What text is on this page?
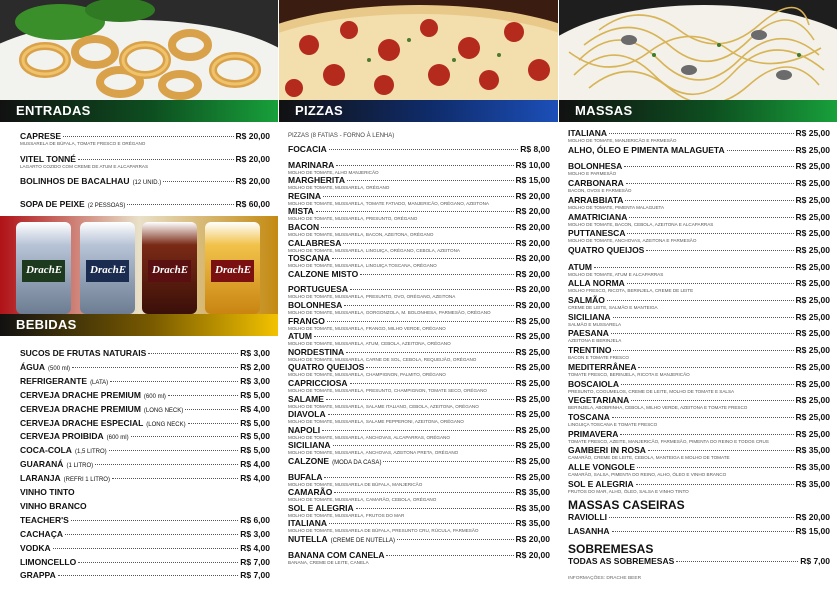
ENTRADAS
CAPRESE	R$ 20,00
MUSSARELA DE BÚFALA, TOMATE FRESCO E ORÉGANO
VITEL TONNÉ	R$ 20,00
LAGARTO COZIDO COM CREME DE ATUM E ALCAPARRAS
BOLINHOS DE BACALHAU (12 UNID.)	R$ 20,00
SOPA DE PEIXE (2 PESSOAS)	R$ 60,00
DrachE	DrachE DrachE DrachE
BEBIDAS
SUCOS DE FRUTAS NATURAIS	R$ 3,00
ÁGUA (500 ml)	R$ 2,00
REFRIGERANTE (LATA)	R$ 3,00
CERVEJA DRACHE PREMIUM (600 ml)	R$ 5,00
CERVEJA DRACHE PREMIUM (LONG NECK)	R$ 4,00
CERVEJA DRACHE ESPECIAL (LONG NECK)	R$ 5,00
CERVEJA PROIBIDA (600 ml)	R$ 5,00
COCA-COLA (1,5 LITRO)	R$ 5,00
GUARANÁ (1 LITRO)	R$ 4,00
LARANJA (REFRI 1 LITRO)	R$ 4,00
VINHO TINTO
VINHO BRANCO
TEACHER'S	R$ 6,00
CACHAÇA	R$ 3,00
VODKA	R$ 4,00
LIMONCELLO	R$ 7,00
GRAPPA	R$ 7,00
PIZZAS
PIZZAS (8 FATIAS - FORNO À LENHA)
FOCACIA	R$ 8,00
MARINARA	R$ 10,00
MOLHO DE TOMATE, ALHO MANJERICÃO
MARGHERITA	R$ 15,00
MOLHO DE TOMATE, MUSSARELA, ORÉGANO
REGINA	R$ 20,00
MOLHO DE TOMATE, MUSSARELA, TOMATE FATIADO, MANJERICÃO, ORÉGANO, AZEITONA
MISTA	R$ 20,00
MOLHO DE TOMATE, MUSSARELA, PRESUNTO, ORÉGANO
BACON	R$ 20,00
MOLHO DE TOMATE, MUSSARELA, BACON, AZEITONA, ORÉGANO
CALABRESA	R$ 20,00
MOLHO DE TOMATE, MUSSARELA, LINGUIÇA, ORÉGANO, CEBOLA, AZEITONA
TOSCANA	R$ 20,00
MOLHO DE TOMATE, MUSSARELA, LINGUIÇA TOSCANA, ORÉGANO
CALZONE MISTO	R$ 20,00
PORTUGUESA	R$ 20,00
MOLHO DE TOMATE, MUSSARELA, PRESUNTO, OVO, ORÉGANO, AZEITONA
BOLONHESA	R$ 20,00
MOLHO DE TOMATE, MUSSARELA, GORGONZOLA, M. BOLONHESA, PARMESÃO, ORÉGANO
FRANGO	R$ 25,00
MOLHO DE TOMATE, MUSSARELA, FRANGO, MILHO VERDE, ORÉGANO
ATUM	R$ 25,00
MOLHO DE TOMATE, MUSSARELA, ATUM, CEBOLA, AZEITONA, ORÉGANO
NORDESTINA	R$ 25,00
MOLHO DE TOMATE, MUSSARELA, CARNE DE SOL, CEBOLA, REQUEIJÃO, ORÉGANO
QUATRO QUEIJOS	R$ 25,00
MOLHO DE TOMATE, MUSSARELA, CHAMPIGNON, PALMITO, ORÉGANO
CAPRICCIOSA	R$ 25,00
MOLHO DE TOMATE, MUSSARELA, PRESUNTO, CHAMPIGNON, TOMATE SECO, ORÉGANO
SALAME	R$ 25,00
MOLHO DE TOMATE, MUSSARELA, SALAME ITALIANO, CEBOLA, AZEITONA, ORÉGANO
DIAVOLA	R$ 25,00
MOLHO DE TOMATE, MUSSARELA, SALAME PEPPERONI, AZEITONA, ORÉGANO
NAPOLI	R$ 25,00
MOLHO DE TOMATE, MUSSARELA, ANCHOVAS, ALCAPARRAS, ORÉGANO
SICILIANA	R$ 25,00
MOLHO DE TOMATE, MUSSARELA, ANCHOVAS, AZEITONA PRETA, ORÉGANO
CALZONE (MODA DA CASA)	R$ 25,00
BUFALA	R$ 25,00
MOLHO DE TOMATE, MUSSARELA DE BÚFALA, MANJERICÃO
CAMARÃO	R$ 35,00
MOLHO DE TOMATE, MUSSARELA, CAMARÃO, CEBOLA, ORÉGANO
SOL E ALEGRIA	R$ 35,00
MOLHO DE TOMATE, MUSSARELA, FRUTOS DO MAR
ITALIANA	R$ 35,00
MOLHO DE TOMATE, MUSSARELA DE BÚFALA, PRESUNTO CRU, RÚCULA, PARMESÃO
NUTELLA (CREME DE NUTELLA)	R$ 20,00
BANANA COM CANELA	R$ 20,00
BANANA, CREME DE LEITE, CANELA
MASSAS
ITALIANA	R$ 25,00
MOLHO DE TOMATE, MANJERICÃO E PARMESÃO
ALHO, ÓLEO E PIMENTA MALAGUETA	R$ 25,00
BOLONHESA	R$ 25,00
MOLHO E PARMESÃO
CARBONARA	R$ 25,00
BACON, OVOS E PARMESÃO
ARRABBIATA	R$ 25,00
MOLHO DE TOMATE, PIMENTA MALAGUETA
AMATRICIANA	R$ 25,00
MOLHO DE TOMATE, BACON, CEBOLA, AZEITONA E ALCAPARRAS
PUTTANESCA	R$ 25,00
MOLHO DE TOMATE, ANCHOVAS, AZEITONA E PARMESÃO
QUATRO QUEIJOS	R$ 25,00
ATUM	R$ 25,00
MOLHO DE TOMATE, ATUM E ALCAPARRAS
ALLA NORMA	R$ 25,00
MOLHO FRESCO, RICOTA, BERINJELA, CREME DE LEITE
SALMÃO	R$ 25,00
CREME DE LEITE, SALMÃO E MANTEIGA
SICILIANA	R$ 25,00
SALMÃO E MUSSARELA
PAESANA	R$ 25,00
AZEITONA E BERINJELA
TRENTINO	R$ 25,00
BACON E TOMATE FRESCO
MEDITERRÂNEA	R$ 25,00
TOMATE FRESCO, BERINJELA, RICOTA E MANJERICÃO
BOSCAIOLA	R$ 25,00
PRESUNTO, COGUMELOS, CREME DE LEITE, MOLHO DE TOMATE E SALSA
VEGETARIANA	R$ 25,00
BERINJELA, ABOBRINHA, CEBOLA, MILHO VERDE, AZEITONA E TOMATE FRESCO
TOSCANA	R$ 25,00
LINGUIÇA TOSCANA E TOMATE FRESCO
PRIMAVERA	R$ 25,00
TOMATE FRESCO, AZEITE, MANJERICÃO, PARMESÃO, PIMENTA DO REINO E TODOS CRUS
GAMBERI IN ROSA	R$ 35,00
CAMARÃO, CREME DE LEITE, CEBOLA, MANTEIGA E MOLHO DE TOMATE
ALLE VONGOLE	R$ 35,00
CAMARÃO, SALSA, PIMENTA DO REINO, ALHO, ÓLEO E VINHO BRANCO
SOL E ALEGRIA	R$ 35,00
FRUTOS DO MAR, ALHO, ÓLEO, SALSA E VINHO TINTO
MASSAS CASEIRAS
RAVIOLLI	R$ 20,00
LASANHA	R$ 15,00
SOBREMESAS
TODAS AS SOBREMESAS	R$ 7,00
INFORMAÇÕES: DRACHE BEER
